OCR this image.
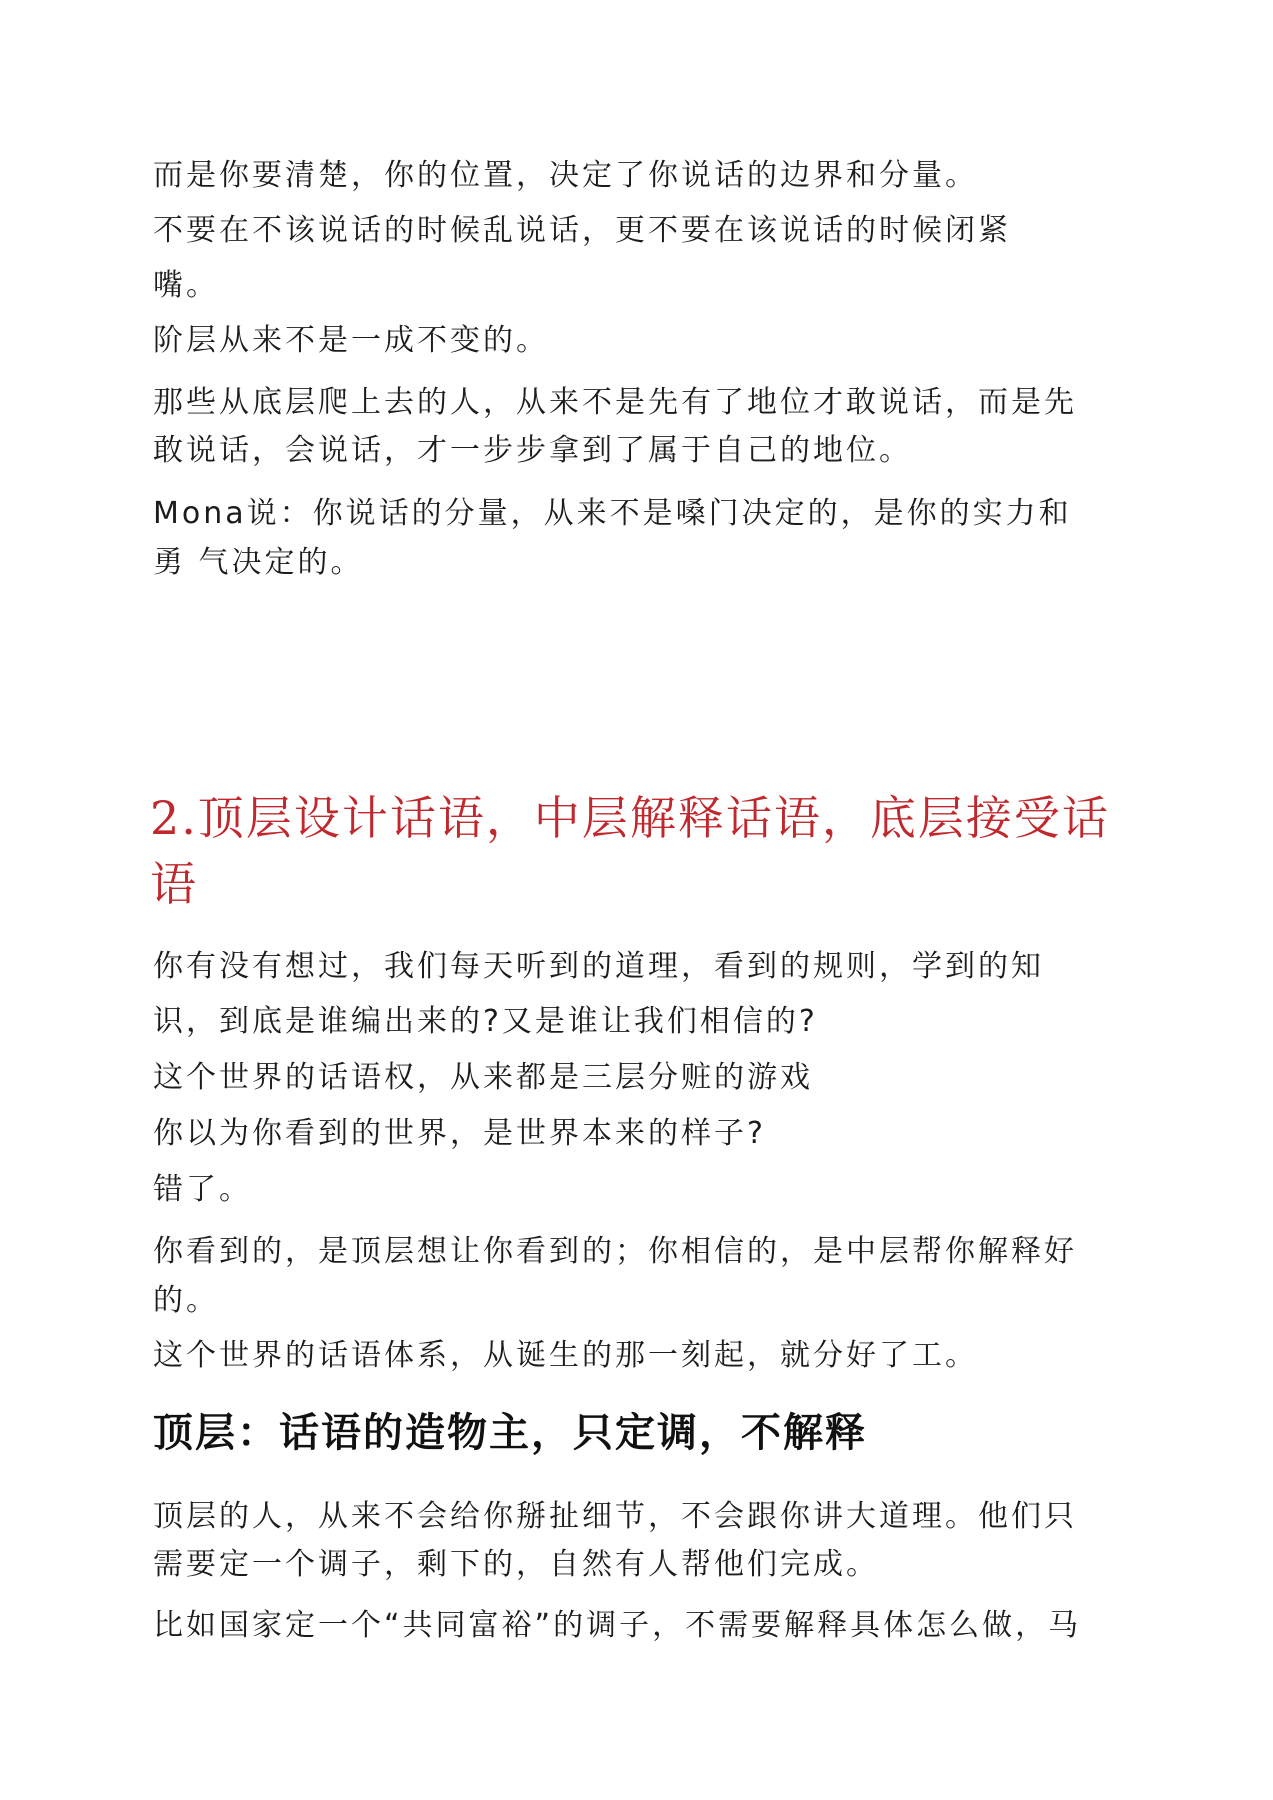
而是你要清楚，你的位置，决定了你说话的边界和分量。

不要在不该说话的时候乱说话，更不要在该说话的时候闭紧

嘴。

阶层从来不是一成不变的。

那些从底层爬上去的人，从来不是先有了地位才敢说话，而是先

敢说话，会说话，才一步步拿到了属于自己的地位。

Mona说：你说话的分量，从来不是嗓门决定的，是你的实力和

勇 气决定的。

2.顶层设计话语，中层解释话语，底层接受话
语

你有没有想过，我们每天听到的道理，看到的规则，学到的知

识，到底是谁编出来的?又是谁让我们相信的?

这个世界的话语权，从来都是三层分赃的游戏

你以为你看到的世界，是世界本来的样子?

错了。

你看到的，是顶层想让你看到的；你相信的，是中层帮你解释好

的。

这个世界的话语体系，从诞生的那一刻起，就分好了工。

顶层：话语的造物主，只定调，不解释

顶层的人，从来不会给你掰扯细节，不会跟你讲大道理。他们只

需要定一个调子，剩下的，自然有人帮他们完成。

比如国家定一个“共同富裕”的调子，不需要解释具体怎么做，马
